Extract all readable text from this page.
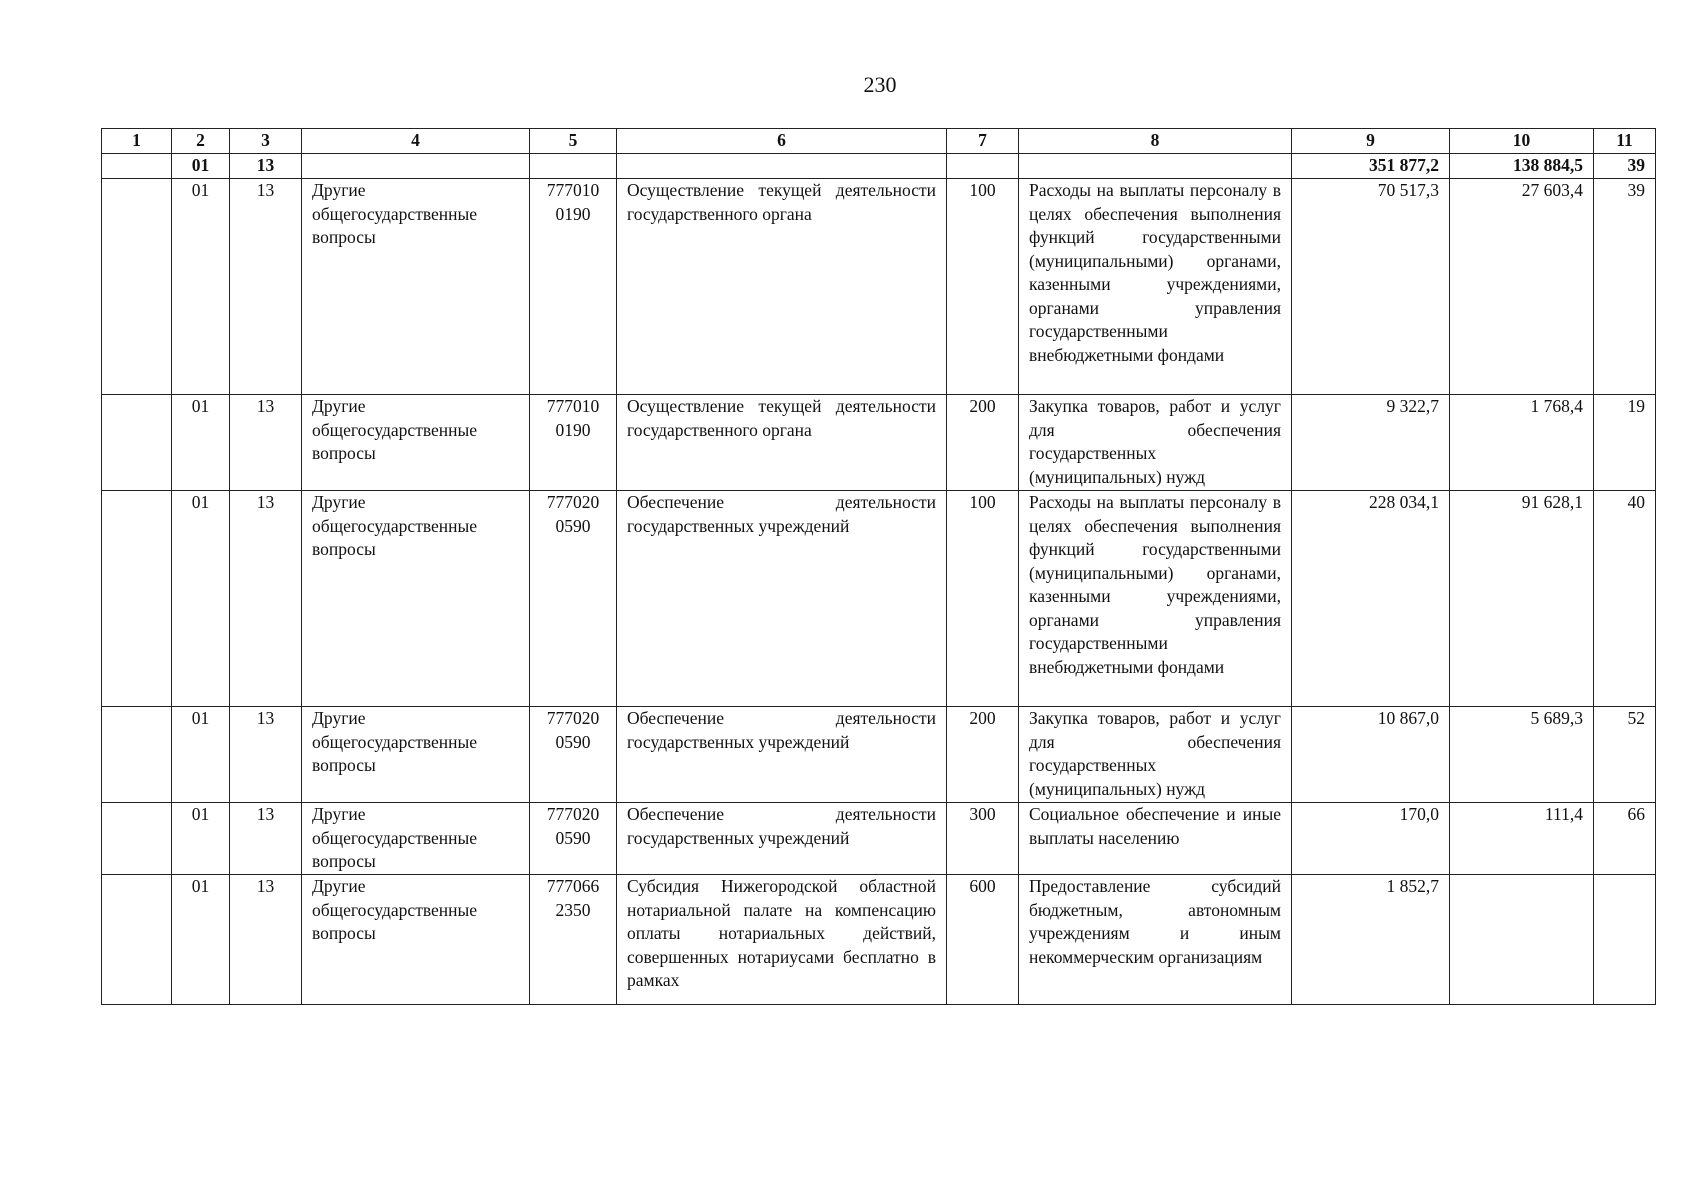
230
1	2	3	4	5	6	7	8	9	10	11
	01	13						351 877,2	138 884,5	39
	01	13	Другие общегосударственные вопросы	777010
0190	Осуществление текущей деятельности государственного органа	100	Расходы на выплаты персоналу в целях обеспечения выполнения функций государственными (муниципальными) органами, казенными учреждениями, органами управления государственными внебюджетными фондами	70 517,3	27 603,4	39
	01	13	Другие общегосударственные вопросы	777010
0190	Осуществление текущей деятельности государственного органа	200	Закупка товаров, работ и услуг для обеспечения государственных (муниципальных) нужд	9 322,7	1 768,4	19
	01	13	Другие общегосударственные вопросы	777020
0590	Обеспечение деятельности государственных учреждений	100	Расходы на выплаты персоналу в целях обеспечения выполнения функций государственными (муниципальными) органами, казенными учреждениями, органами управления государственными внебюджетными фондами	228 034,1	91 628,1	40
	01	13	Другие общегосударственные вопросы	777020
0590	Обеспечение деятельности государственных учреждений	200	Закупка товаров, работ и услуг для обеспечения государственных (муниципальных) нужд	10 867,0	5 689,3	52
	01	13	Другие общегосударственные вопросы	777020
0590	Обеспечение деятельности государственных учреждений	300	Социальное обеспечение и иные выплаты населению	170,0	111,4	66
	01	13	Другие общегосударственные вопросы	777066
2350	Субсидия Нижегородской областной нотариальной палате на компенсацию оплаты нотариальных действий, совершенных нотариусами бесплатно в рамках	600	Предоставление субсидий бюджетным, автономным учреждениям и иным некоммерческим организациям	1 852,7		
